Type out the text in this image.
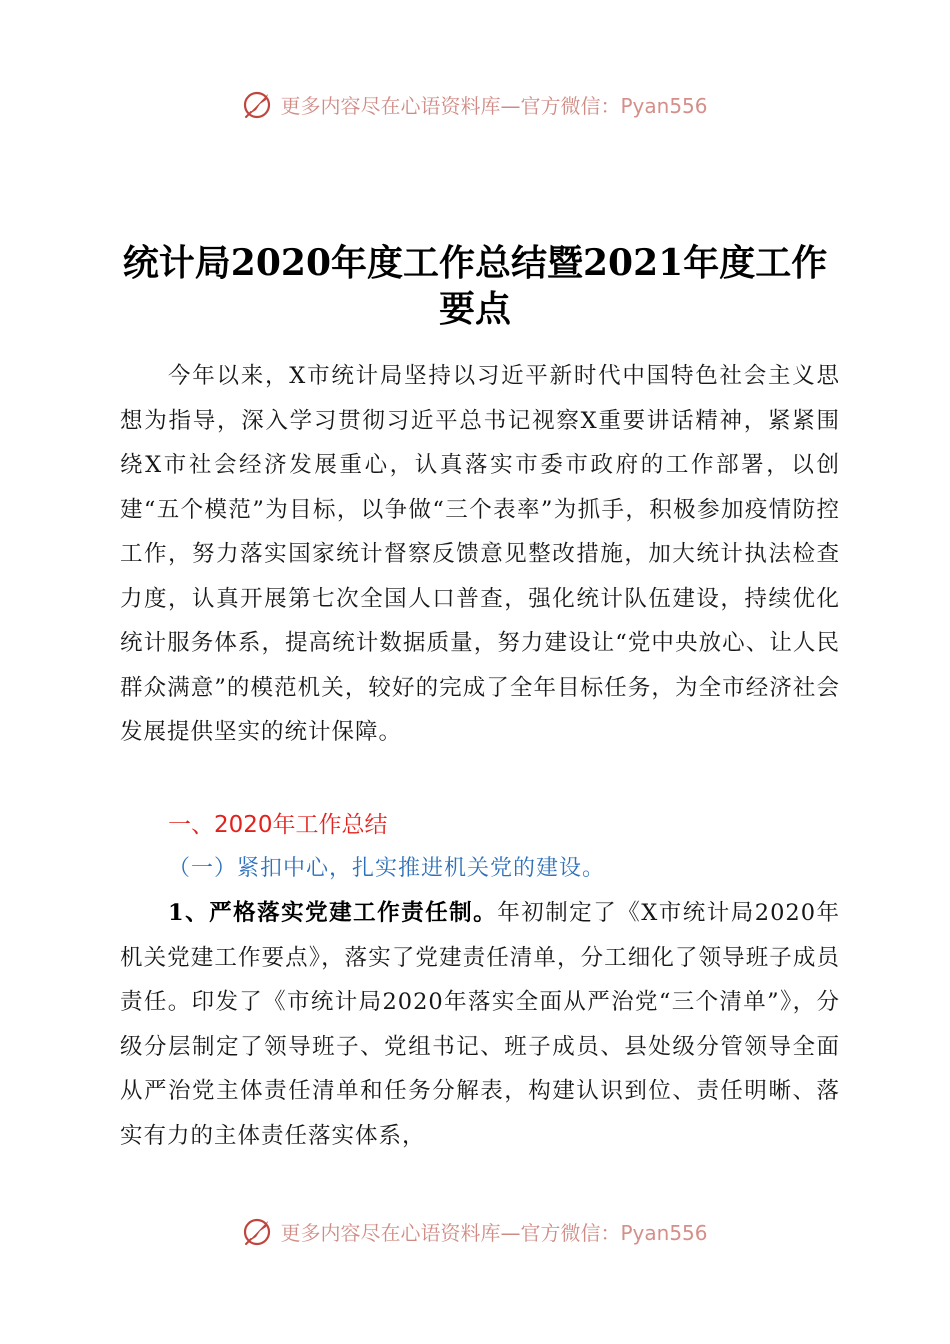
更多内容尽在心语资料库—官方微信：Pyan556
统计局2020年度工作总结暨2021年度工作要点
今年以来，X市统计局坚持以习近平新时代中国特色社会主义思想为指导，深入学习贯彻习近平总书记视察X重要讲话精神，紧紧围绕X市社会经济发展重心，认真落实市委市政府的工作部署，以创建“五个模范”为目标，以争做“三个表率”为抓手，积极参加疫情防控工作，努力落实国家统计督察反馈意见整改措施，加大统计执法检查力度，认真开展第七次全国人口普查，强化统计队伍建设，持续优化统计服务体系，提高统计数据质量，努力建设让“党中央放心、让人民群众满意”的模范机关，较好的完成了全年目标任务，为全市经济社会发展提供坚实的统计保障。
一、2020年工作总结
（一）紧扣中心，扎实推进机关党的建设。
1、严格落实党建工作责任制。年初制定了《X市统计局2020年机关党建工作要点》，落实了党建责任清单，分工细化了领导班子成员责任。印发了《市统计局2020年落实全面从严治党“三个清单”》，分级分层制定了领导班子、党组书记、班子成员、县处级分管领导全面从严治党主体责任清单和任务分解表，构建认识到位、责任明晰、落实有力的主体责任落实体系，
更多内容尽在心语资料库—官方微信：Pyan556
